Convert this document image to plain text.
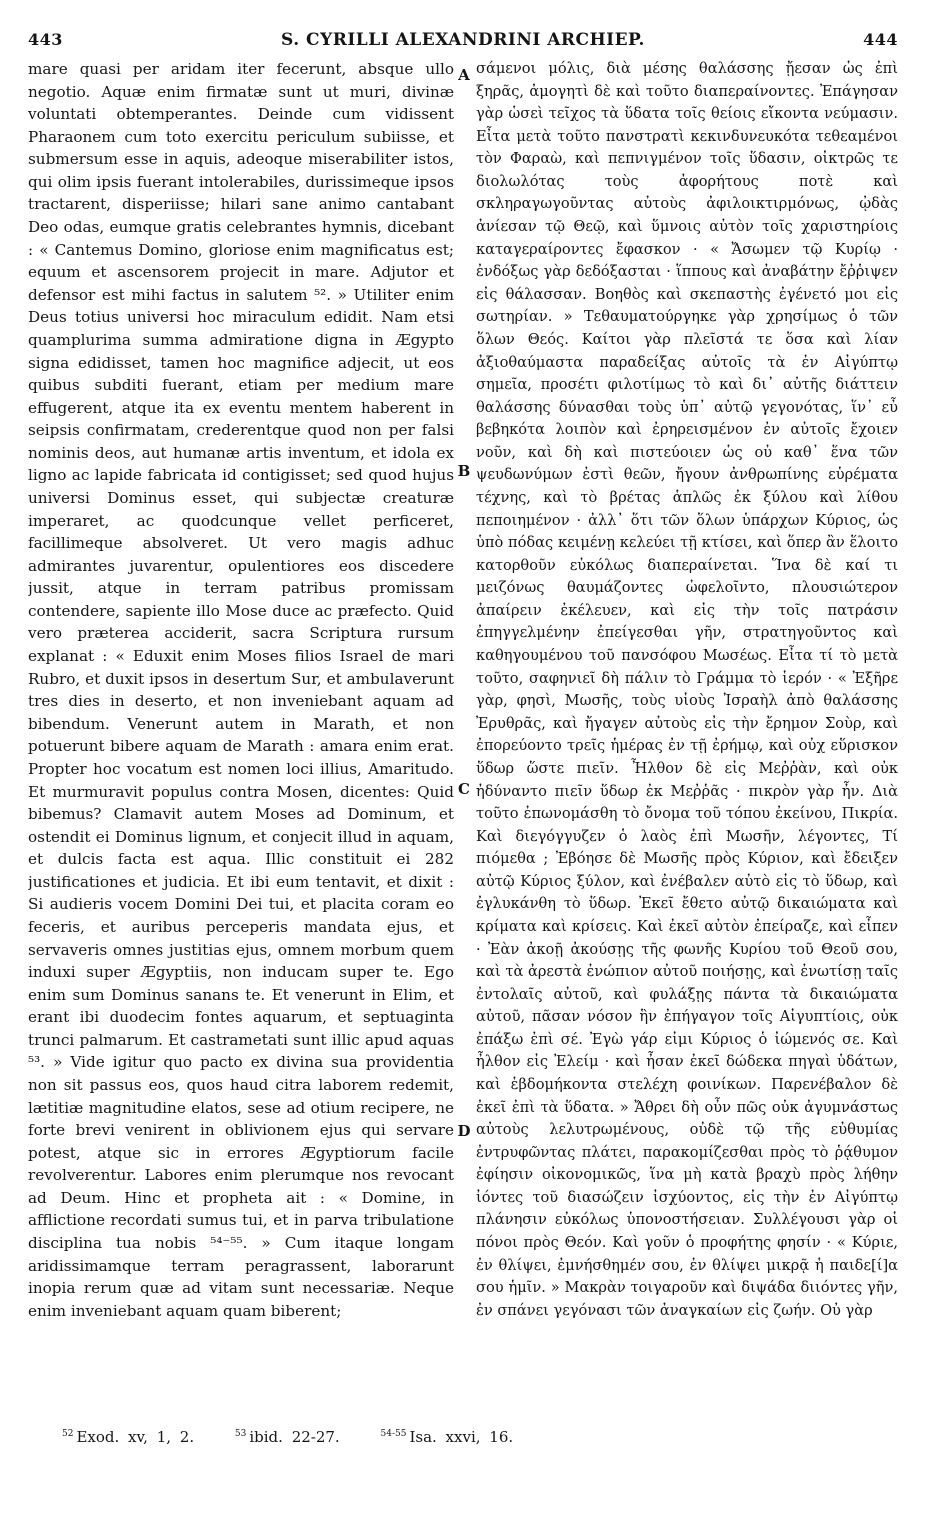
443	S. CYRILLI ALEXANDRINI ARCHIEP.	444

mare quasi per aridam iter fecerunt, absque ullo negotio. Aquæ enim firmatæ sunt ut muri, divinæ voluntati obtemperantes. Deinde cum vidissent Pharaonem cum toto exercitu periculum subiisse, et submersum esse in aquis, adeoque miserabiliter istos, qui olim ipsis fuerant intolerabiles, durissimeque ipsos tractarent, disperiisse; hilari sane animo cantabant Deo odas, eumque gratis celebrantes hymnis, dicebant : « Cantemus Domino, gloriose enim magnificatus est; equum et ascensorem projecit in mare. Adjutor et defensor est mihi factus in salutem ⁵². » Utiliter enim Deus totius universi hoc miraculum edidit. Nam etsi quamplurima summa admiratione digna in Ægypto signa edidisset, tamen hoc magnifice adjecit, ut eos quibus subditi fuerant, etiam per medium mare effugerent, atque ita ex eventu mentem haberent in seipsis confirmatam, crederentque quod non per falsi nominis deos, aut humanæ artis inventum, et idola ex ligno ac lapide fabricata id contigisset; sed quod hujus universi Dominus esset, qui subjectæ creaturæ imperaret, ac quodcunque vellet perficeret, facillimeque absolveret. Ut vero magis adhuc admirantes juvarentur, opulentiores eos discedere jussit, atque in terram patribus promissam contendere, sapiente illo Mose duce ac præfecto. Quid vero præterea acciderit, sacra Scriptura rursum explanat : « Eduxit enim Moses filios Israel de mari Rubro, et duxit ipsos in desertum Sur, et ambulaverunt tres dies in deserto, et non inveniebant aquam ad bibendum. Venerunt autem in Marath, et non potuerunt bibere aquam de Marath : amara enim erat. Propter hoc vocatum est nomen loci illius, Amaritudo. Et murmuravit populus contra Mosen, dicentes: Quid bibemus? Clamavit autem Moses ad Dominum, et ostendit ei Dominus lignum, et conjecit illud in aquam, et dulcis facta est aqua. Illic constituit ei 282 justificationes et judicia. Et ibi eum tentavit, et dixit : Si audieris vocem Domini Dei tui, et placita coram eo feceris, et auribus perceperis mandata ejus, et servaveris omnes justitias ejus, omnem morbum quem induxi super Ægyptiis, non inducam super te. Ego enim sum Dominus sanans te. Et venerunt in Elim, et erant ibi duodecim fontes aquarum, et septuaginta trunci palmarum. Et castrametati sunt illic apud aquas ⁵³. » Vide igitur quo pacto ex divina sua providentia non sit passus eos, quos haud citra laborem redemit, lætitiæ magnitudine elatos, sese ad otium recipere, ne forte brevi venirent in oblivionem ejus qui servare potest, atque sic in errores Ægyptiorum facile revolverentur. Labores enim plerumque nos revocant ad Deum. Hinc et propheta ait : « Domine, in afflictione recordati sumus tui, et in parva tribulatione disciplina tua nobis ⁵⁴⁻⁵⁵. » Cum itaque longam aridissimamque terram peragrassent, laborarunt inopia rerum quæ ad vitam sunt necessariæ. Neque enim inveniebant aquam quam biberent;

A
B
C
D

σάμενοι μόλις, διὰ μέσης θαλάσσης ᾔεσαν ὡς ἐπὶ ξηρᾶς, ἀμογητὶ δὲ καὶ τοῦτο διαπεραίνοντες. Ἐπάγησαν γὰρ ὡσεὶ τεῖχος τὰ ὕδατα τοῖς θείοις εἴκοντα νεύμασιν. Εἶτα μετὰ τοῦτο πανστρατὶ κεκινδυνευκότα τεθεαμένοι τὸν Φαραὼ, καὶ πεπνιγμένον τοῖς ὕδασιν, οἰκτρῶς τε διολωλότας τοὺς ἀφορήτους ποτὲ καὶ σκληραγωγοῦντας αὐτοὺς ἀφιλοικτιρμόνως, ᾠδὰς ἀνίεσαν τῷ Θεῷ, καὶ ὕμνοις αὐτὸν τοῖς χαριστηρίοις καταγεραίροντες ἔφασκον · « Ἄσωμεν τῷ Κυρίῳ · ἐνδόξως γὰρ δεδόξασται · ἵππους καὶ ἀναβάτην ἔῤῥιψεν εἰς θάλασσαν. Βοηθὸς καὶ σκεπαστὴς ἐγένετό μοι εἰς σωτηρίαν. » Τεθαυματούργηκε γὰρ χρησίμως ὁ τῶν ὅλων Θεός. Καίτοι γὰρ πλεῖστά τε ὅσα καὶ λίαν ἀξιοθαύμαστα παραδείξας αὐτοῖς τὰ ἐν Αἰγύπτῳ σημεῖα, προσέτι φιλοτίμως τὸ καὶ δι᾽ αὐτῆς διάττειν θαλάσσης δύνασθαι τοὺς ὑπ᾽ αὐτῷ γεγονότας, ἵν᾽ εὖ βεβηκότα λοιπὸν καὶ ἐρηρεισμένον ἐν αὐτοῖς ἔχοιεν νοῦν, καὶ δὴ καὶ πιστεύοιεν ὡς οὐ καθ᾽ ἕνα τῶν ψευδωνύμων ἐστὶ θεῶν, ἤγουν ἀνθρωπίνης εὑρέματα τέχνης, καὶ τὸ βρέτας ἁπλῶς ἐκ ξύλου καὶ λίθου πεποιημένον · ἀλλ᾽ ὅτι τῶν ὅλων ὑπάρχων Κύριος, ὡς ὑπὸ πόδας κειμένῃ κελεύει τῇ κτίσει, καὶ ὅπερ ἂν ἕλοιτο κατορθοῦν εὐκόλως διαπεραίνεται. Ἵνα δὲ καί τι μειζόνως θαυμάζοντες ὠφελοῖντο, πλουσιώτερον ἀπαίρειν ἐκέλευεν, καὶ εἰς τὴν τοῖς πατράσιν ἐπηγγελμένην ἐπείγεσθαι γῆν, στρατηγοῦντος καὶ καθηγουμένου τοῦ πανσόφου Μωσέως. Εἶτα τί τὸ μετὰ τοῦτο, σαφηνιεῖ δὴ πάλιν τὸ Γράμμα τὸ ἱερόν · « Ἐξῆρε γὰρ, φησὶ, Μωσῆς, τοὺς υἱοὺς Ἰσραὴλ ἀπὸ θαλάσσης Ἐρυθρᾶς, καὶ ἤγαγεν αὐτοὺς εἰς τὴν ἔρημον Σοὺρ, καὶ ἐπορεύοντο τρεῖς ἡμέρας ἐν τῇ ἐρήμῳ, καὶ οὐχ εὕρισκον ὕδωρ ὥστε πιεῖν. Ἦλθον δὲ εἰς Μεῤῥὰν, καὶ οὐκ ἠδύναντο πιεῖν ὕδωρ ἐκ Μεῤῥᾶς · πικρὸν γὰρ ἦν. Διὰ τοῦτο ἐπωνομάσθη τὸ ὄνομα τοῦ τόπου ἐκείνου, Πικρία. Καὶ διεγόγγυζεν ὁ λαὸς ἐπὶ Μωσῆν, λέγοντες, Τί πιόμεθα ; Ἐβόησε δὲ Μωσῆς πρὸς Κύριον, καὶ ἔδειξεν αὐτῷ Κύριος ξύλον, καὶ ἐνέβαλεν αὐτὸ εἰς τὸ ὕδωρ, καὶ ἐγλυκάνθη τὸ ὕδωρ. Ἐκεῖ ἔθετο αὐτῷ δικαιώματα καὶ κρίματα καὶ κρίσεις. Καὶ ἐκεῖ αὐτὸν ἐπείραζε, καὶ εἶπεν · Ἐὰν ἀκοῇ ἀκούσῃς τῆς φωνῆς Κυρίου τοῦ Θεοῦ σου, καὶ τὰ ἀρεστὰ ἐνώπιον αὐτοῦ ποιήσῃς, καὶ ἐνωτίσῃ ταῖς ἐντολαῖς αὐτοῦ, καὶ φυλάξῃς πάντα τὰ δικαιώματα αὐτοῦ, πᾶσαν νόσον ἣν ἐπήγαγον τοῖς Αἰγυπτίοις, οὐκ ἐπάξω ἐπὶ σέ. Ἐγὼ γάρ εἰμι Κύριος ὁ ἰώμενός σε. Καὶ ἦλθον εἰς Ἐλείμ · καὶ ἦσαν ἐκεῖ δώδεκα πηγαὶ ὑδάτων, καὶ ἑβδομήκοντα στελέχη φοινίκων. Παρενέβαλον δὲ ἐκεῖ ἐπὶ τὰ ὕδατα. » Ἄθρει δὴ οὖν πῶς οὐκ ἀγυμνάστως αὐτοὺς λελυτρωμένους, οὐδὲ τῷ τῆς εὐθυμίας ἐντρυφῶντας πλάτει, παρακομίζεσθαι πρὸς τὸ ῥᾴθυμον ἐφίησιν οἰκονομικῶς, ἵνα μὴ κατὰ βραχὺ πρὸς λήθην ἰόντες τοῦ διασώζειν ἰσχύοντος, εἰς τὴν ἐν Αἰγύπτῳ πλάνησιν εὐκόλως ὑπονοστήσειαν. Συλλέγουσι γὰρ οἱ πόνοι πρὸς Θεόν. Καὶ γοῦν ὁ προφήτης φησίν · « Κύριε, ἐν θλίψει, ἐμνήσθημέν σου, ἐν θλίψει μικρᾷ ἡ παιδε[ί]α σου ἡμῖν. » Μακρὰν τοιγαροῦν καὶ διψάδα διιόντες γῆν, ἐν σπάνει γεγόνασι τῶν ἀναγκαίων εἰς ζωήν. Οὐ γὰρ

$^{52}$ Exod. xv, 1, 2.	$^{53}$ ibid. 22-27.	$^{54-55}$ Isa. xxvi, 16.
